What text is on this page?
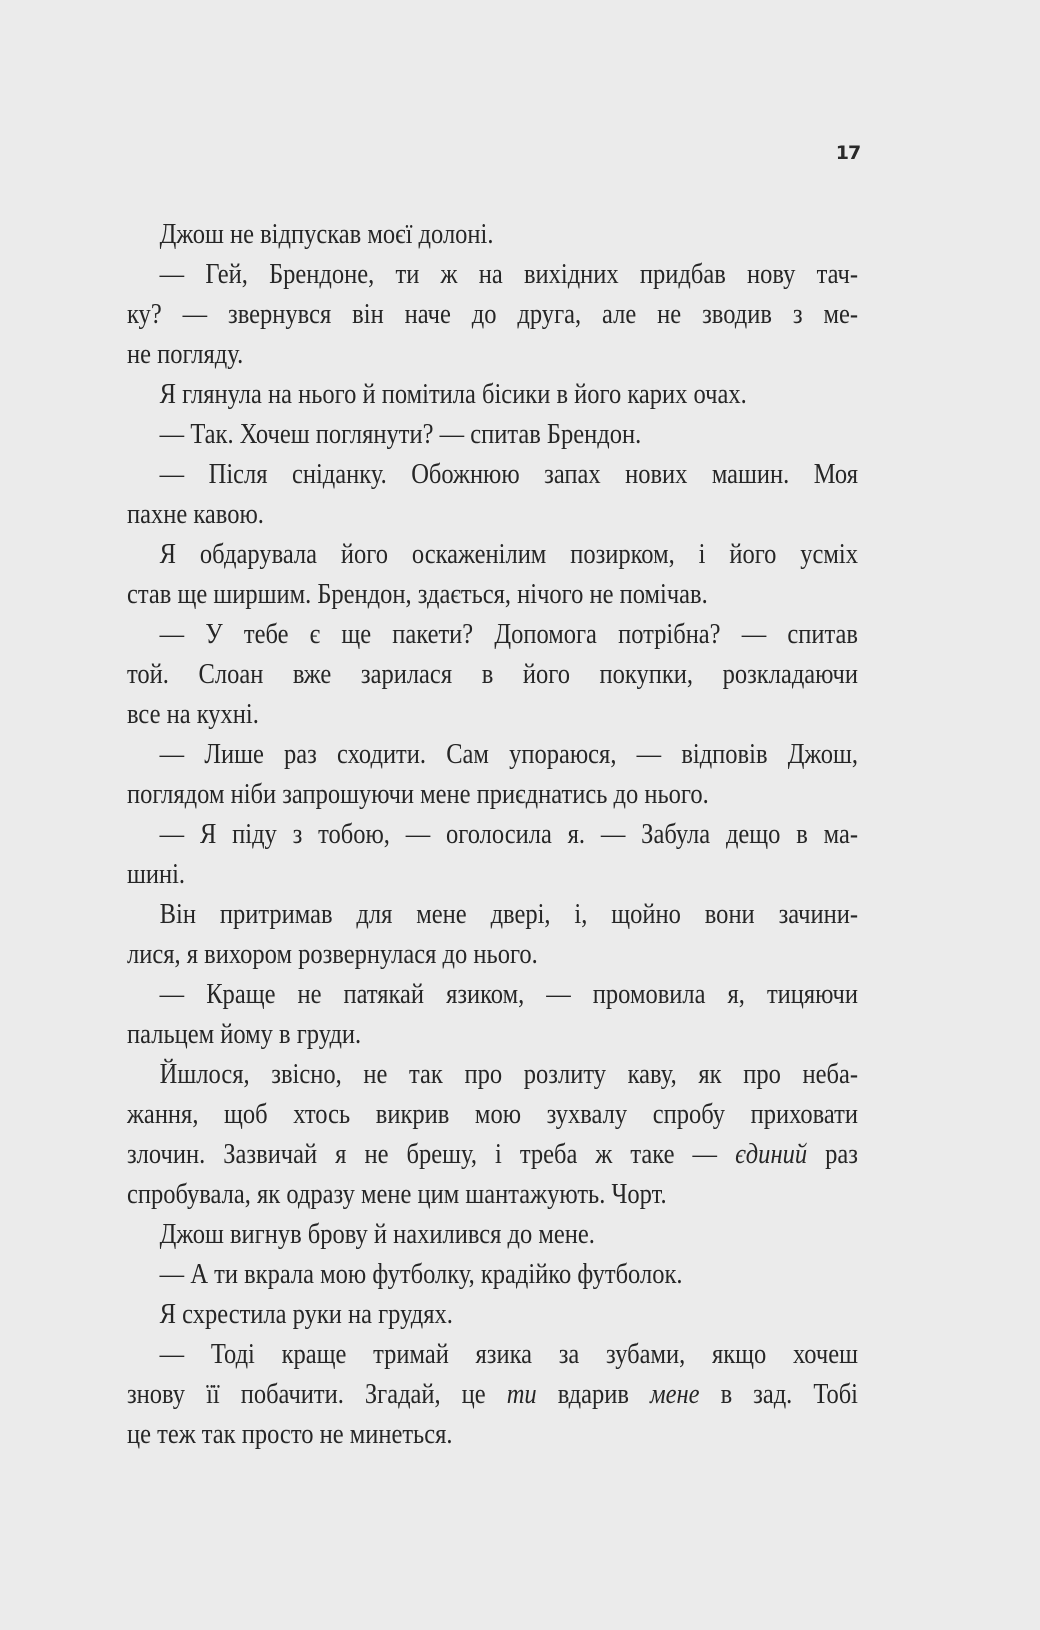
17
Джош не відпускав моєї долоні.
— Гей, Брендоне, ти ж на вихідних придбав нову тач-
ку? — звернувся він наче до друга, але не зводив з ме-
не погляду.
Я глянула на нього й помітила бісики в його карих очах.
— Так. Хочеш поглянути? — спитав Брендон.
— Після сніданку. Обожнюю запах нових машин. Моя
пахне кавою.
Я обдарувала його оскаженілим позирком, і його усміх
став ще ширшим. Брендон, здається, нічого не помічав.
— У тебе є ще пакети? Допомога потрібна? — спитав
той. Слоан вже зарилася в його покупки, розкладаючи
все на кухні.
— Лише раз сходити. Сам упораюся, — відповів Джош,
поглядом ніби запрошуючи мене приєднатись до нього.
— Я піду з тобою, — оголосила я. — Забула дещо в ма-
шині.
Він притримав для мене двері, і, щойно вони зачини-
лися, я вихором розвернулася до нього.
— Краще не патякай язиком, — промовила я, тицяючи
пальцем йому в груди.
Йшлося, звісно, не так про розлиту каву, як про неба-
жання, щоб хтось викрив мою зухвалу спробу приховати
злочин. Зазвичай я не брешу, і треба ж таке — єдиний раз
спробувала, як одразу мене цим шантажують. Чорт.
Джош вигнув брову й нахилився до мене.
— А ти вкрала мою футболку, крадійко футболок.
Я схрестила руки на грудях.
— Тоді краще тримай язика за зубами, якщо хочеш
знову її побачити. Згадай, це ти вдарив мене в зад. Тобі
це теж так просто не минеться.
